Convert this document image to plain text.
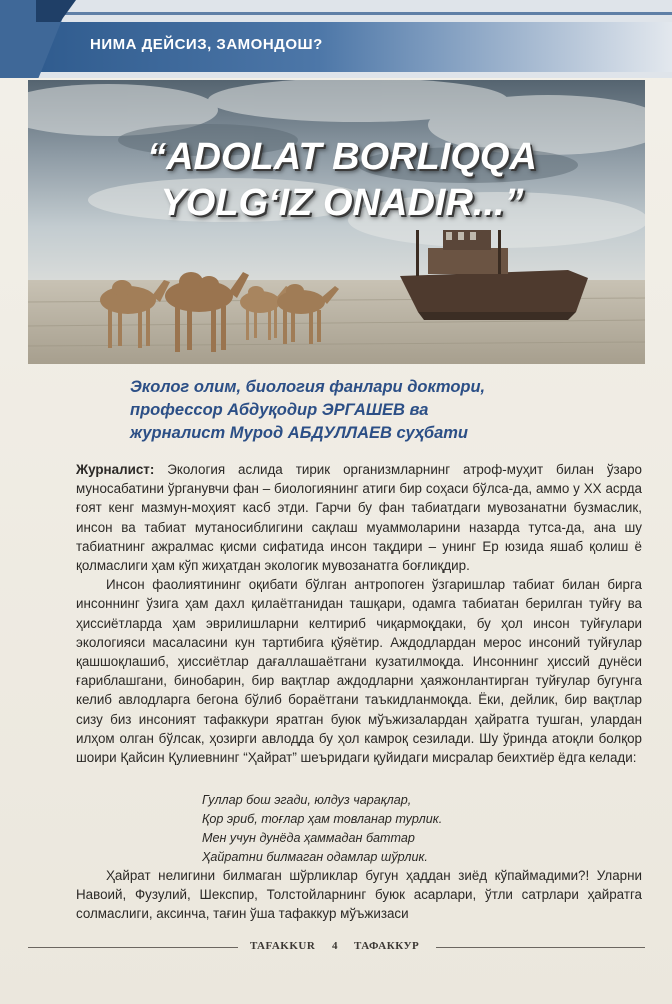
НИМА ДЕЙСИЗ, ЗАМОНДОШ?
“ADOLAT BORLIQQA
YOLG‘IZ ONADIR...”
Эколог олим, биология фанлари доктори,
профессор Абдуқодир ЭРГАШЕВ ва
журналист Мурод АБДУЛЛАЕВ суҳбати

Журналист: Экология аслида тирик организмларнинг атроф-муҳит билан ўзаро муносабатини ўрганувчи фан – биологиянинг атиги бир соҳаси бўлса-да, аммо у XX асрда ғоят кенг мазмун-моҳият касб этди. Гарчи бу фан табиатдаги мувозанатни бузмаслик, инсон ва табиат мутаносиблигини сақлаш муаммоларини назарда тутса-да, ана шу табиатнинг ажралмас қисми сифатида инсон тақдири – унинг Ер юзида яшаб қолиш ё қолмаслиги ҳам кўп жиҳатдан экологик мувозанатга боғлиқдир.

Инсон фаолиятининг оқибати бўлган антропоген ўзгаришлар табиат билан бирга инсоннинг ўзига ҳам дахл қилаётганидан ташқари, одамга табиатан берилган туйғу ва ҳиссиётларда ҳам эврилишларни келтириб чиқармоқдаки, бу ҳол инсон туйғулари экологияси масаласини кун тартибига қўяётир. Аждодлардан мерос инсоний туйғулар қашшоқлашиб, ҳиссиётлар дағаллашаётгани кузатилмоқда. Инсоннинг ҳиссий дунёси ғариблашгани, бинобарин, бир вақтлар аждодларни ҳаяжонлантирган туйғулар бугунга келиб авлодларга бегона бўлиб бораётгани таъкидланмоқда. Ёки, дейлик, бир вақтлар сизу биз инсоният тафаккури яратган буюк мўъжизалардан ҳайратга тушган, улардан илҳом олган бўлсак, ҳозирги авлодда бу ҳол камроқ сезилади. Шу ўринда атоқли болқор шоири Қайсин Қулиевнинг “Ҳайрат” шеъридаги қуйидаги мисралар беихтиёр ёдга келади:

Гуллар бош эгади, юлдуз чарақлар,
Қор эриб, тоғлар ҳам товланар турлик.
Мен учун дунёда ҳаммадан баттар
Ҳайратни билмаган одамлар шўрлик.

Ҳайрат нелигини билмаган шўрликлар бугун ҳаддан зиёд кўпаймадими?! Уларни Навоий, Фузулий, Шекспир, Толстойларнинг буюк асарлари, ўтли сатрлари ҳайратга солмаслиги, аксинча, тағин ўша тафаккур мўъжизаси

TAFAKKUR 4 ТАФАККУР
